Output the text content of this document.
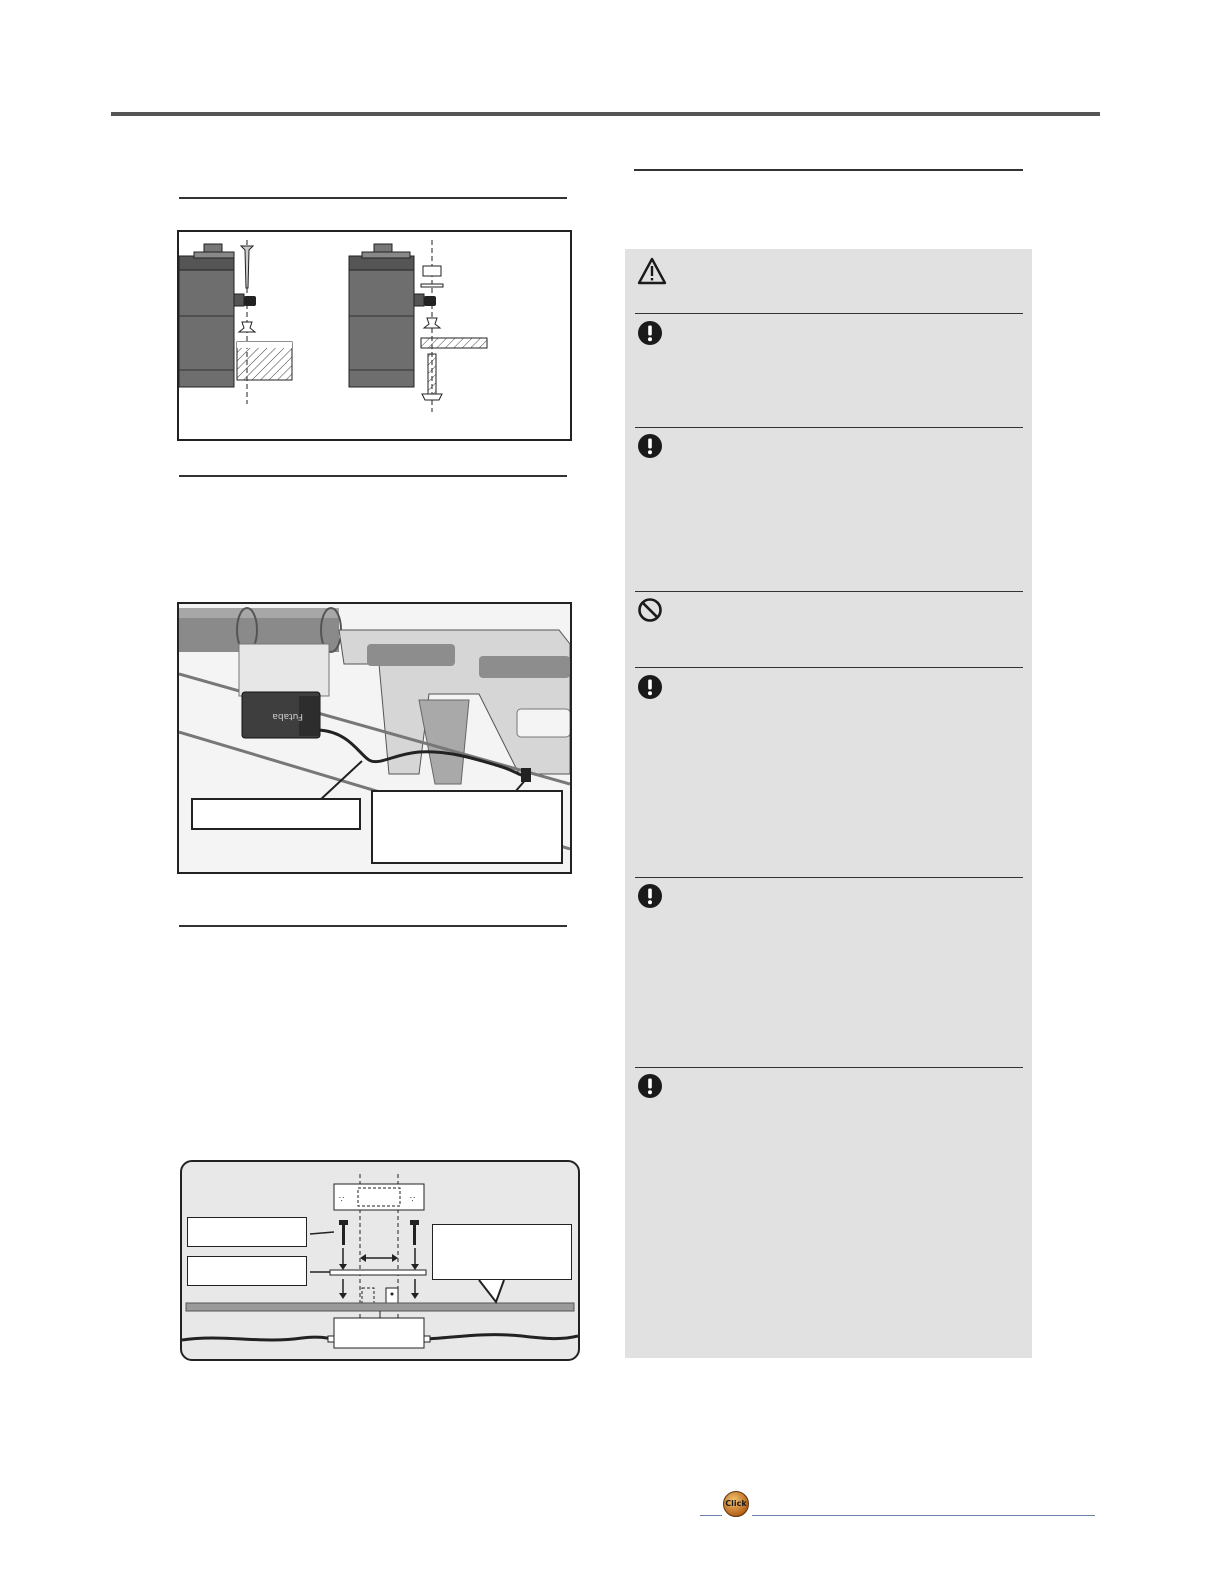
Futaba
∵	∵
Click
